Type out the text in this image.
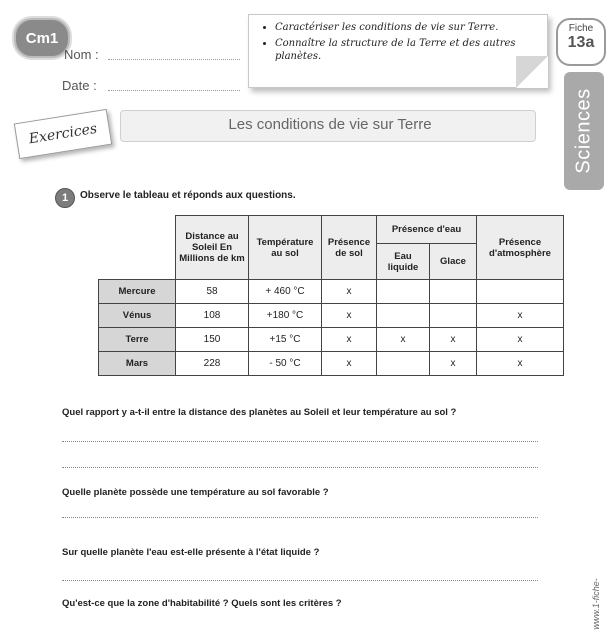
Cm1
Nom :
Date :
• Caractériser les conditions de vie sur Terre.
• Connaître la structure de la Terre et des autres planètes.
Fiche
13a
Sciences
Les conditions de vie sur Terre
Exercices
1	Observe le tableau et réponds aux questions.
	Distance au Soleil En Millions de km	Température au sol	Présence de sol	Présence d'eau		Présence d'atmosphère
				Eau liquide	Glace	
Mercure	58	+ 460 °C	x			
Vénus	108	+180 °C	x			x
Terre	150	+15 °C	x	x	x	x
Mars	228	- 50 °C	x		x	x
Quel rapport y a-t-il entre la distance des planètes au Soleil et leur température au sol ?
Quelle planète possède une température au sol favorable ?
Sur quelle planète l'eau est-elle présente à l'état liquide ?
Qu'est-ce que la zone d'habitabilité ? Quels sont les critères ?	www.1-fiche-
